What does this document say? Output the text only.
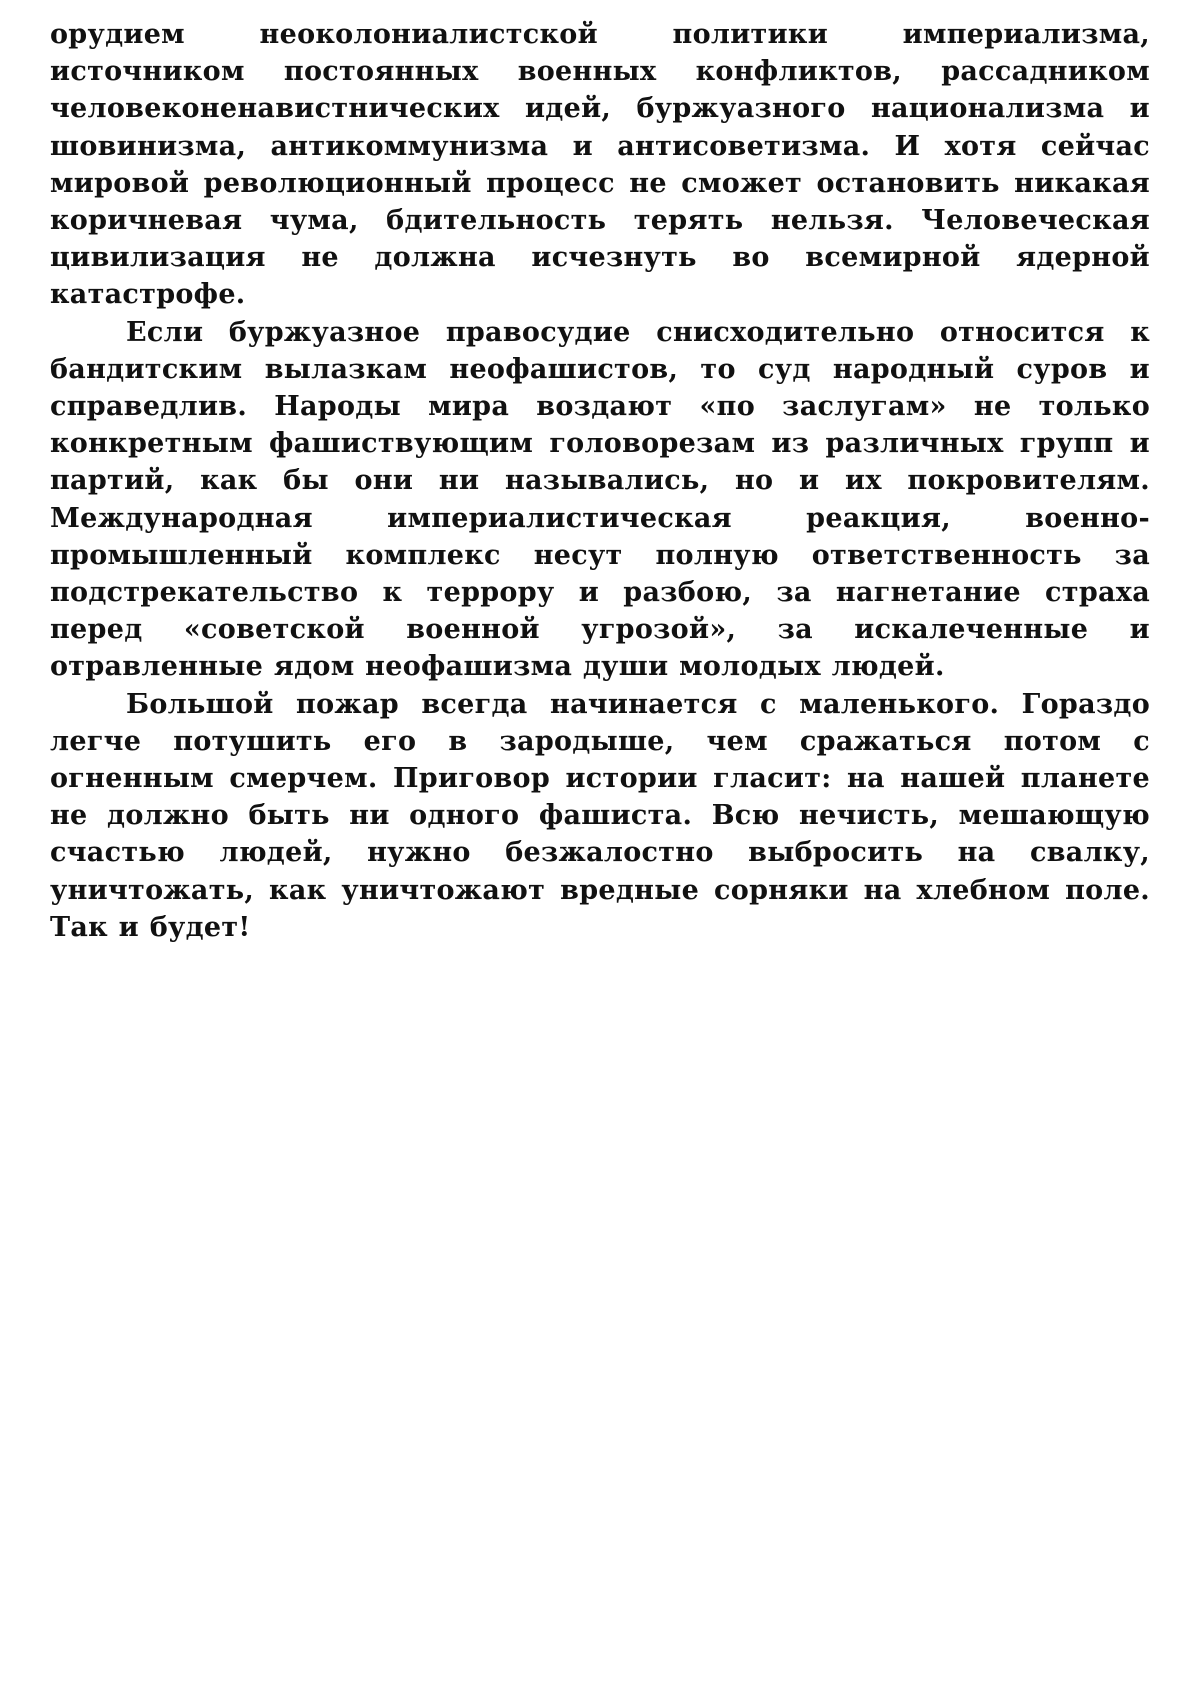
орудием неоколониалистской политики империализма, источником постоянных военных конфликтов, рассадником человеконенавистнических идей, буржуазного национализма и шовинизма, антикоммунизма и антисоветизма. И хотя сейчас мировой революционный процесс не сможет остановить никакая коричневая чума, бдительность терять нельзя. Человеческая цивилизация не должна исчезнуть во всемирной ядерной катастрофе.

Если буржуазное правосудие снисходительно относится к бандитским вылазкам неофашистов, то суд народный суров и справедлив. Народы мира воздают «по заслугам» не только конкретным фашиствующим головорезам из различных групп и партий, как бы они ни назывались, но и их покровителям. Международная империалистическая реакция, военно-промышленный комплекс несут полную ответственность за подстрекательство к террору и разбою, за нагнетание страха перед «советской военной угрозой», за искалеченные и отравленные ядом неофашизма души молодых людей.

Большой пожар всегда начинается с маленького. Гораздо легче потушить его в зародыше, чем сражаться потом с огненным смерчем. Приговор истории гласит: на нашей планете не должно быть ни одного фашиста. Всю нечисть, мешающую счастью людей, нужно безжалостно выбросить на свалку, уничтожать, как уничтожают вредные сорняки на хлебном поле. Так и будет!
